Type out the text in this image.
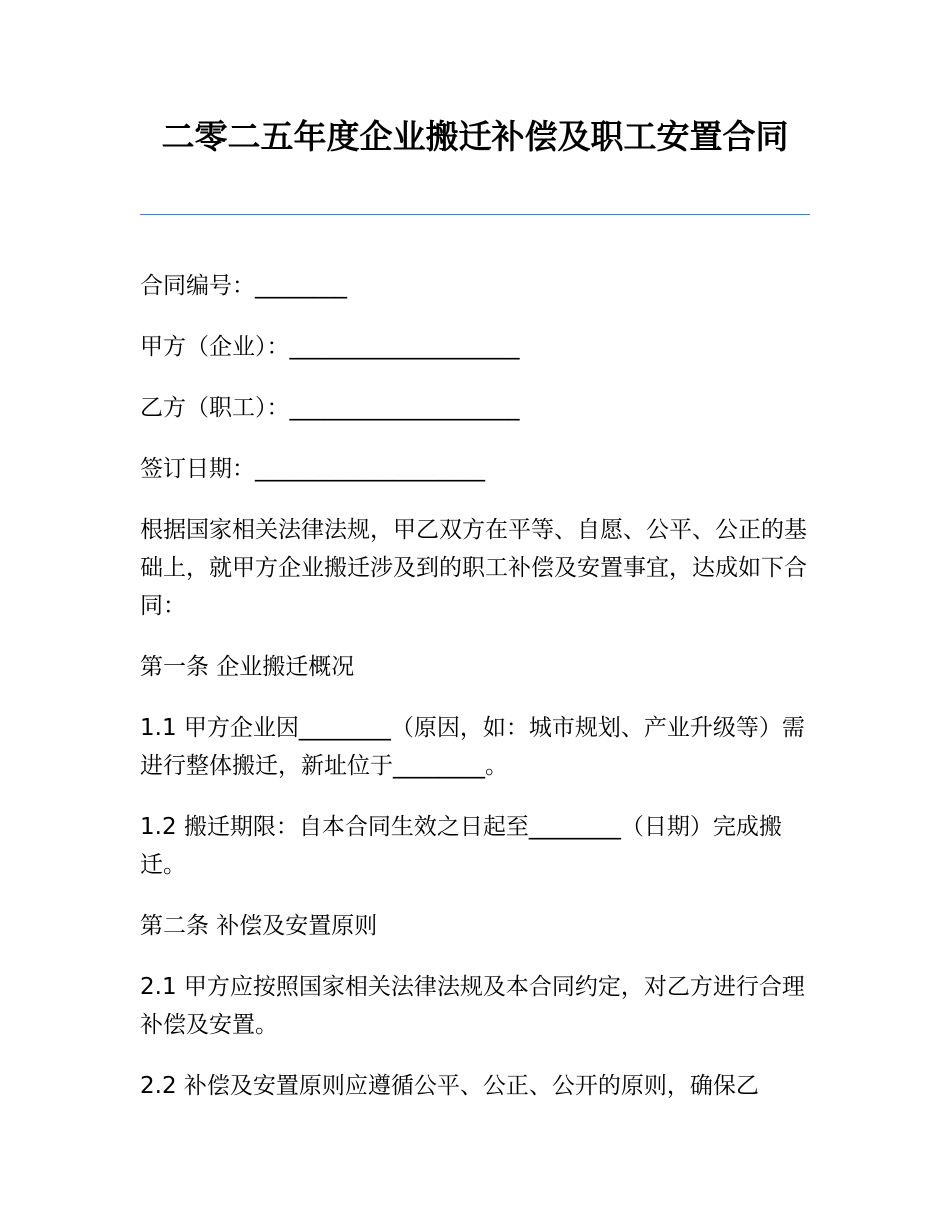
二零二五年度企业搬迁补偿及职工安置合同

合同编号：________

甲方（企业）：____________________

乙方（职工）：____________________

签订日期：____________________

根据国家相关法律法规，甲乙双方在平等、自愿、公平、公正的基础上，就甲方企业搬迁涉及到的职工补偿及安置事宜，达成如下合同：

第一条 企业搬迁概况

1.1 甲方企业因________（原因，如：城市规划、产业升级等）需进行整体搬迁，新址位于________。

1.2 搬迁期限：自本合同生效之日起至________（日期）完成搬迁。

第二条 补偿及安置原则

2.1 甲方应按照国家相关法律法规及本合同约定，对乙方进行合理补偿及安置。

2.2 补偿及安置原则应遵循公平、公正、公开的原则，确保乙
